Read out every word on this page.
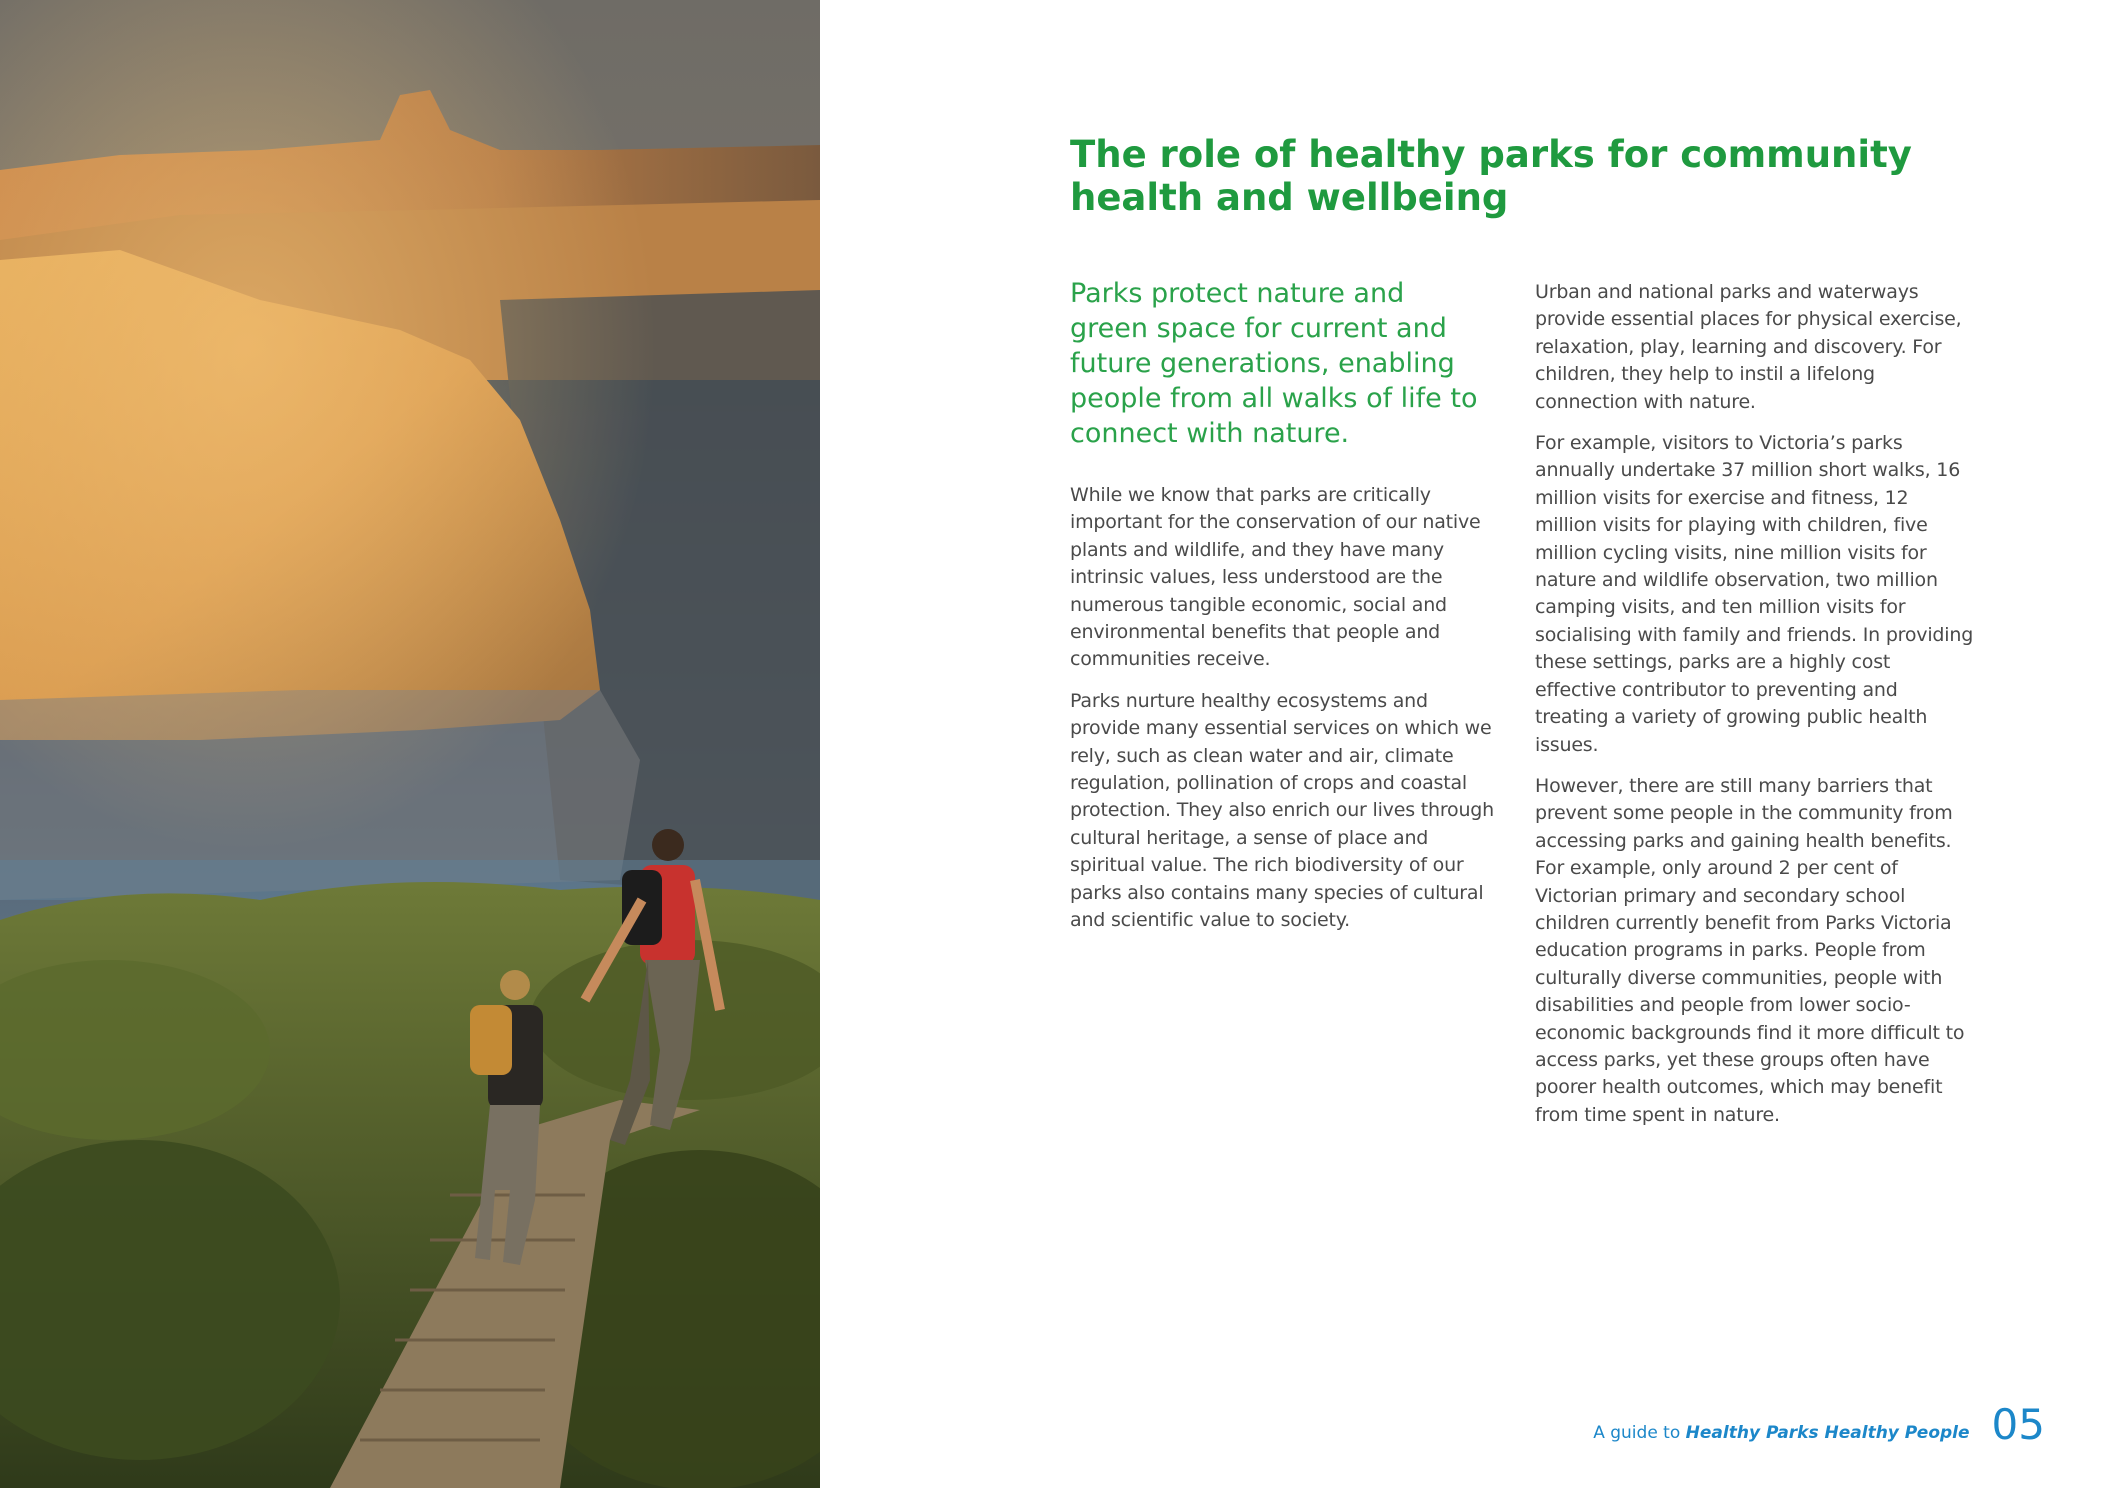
The role of healthy parks for community health and wellbeing
Parks protect nature and green space for current and future generations, enabling people from all walks of life to connect with nature.

While we know that parks are critically important for the conservation of our native plants and wildlife, and they have many intrinsic values, less understood are the numerous tangible economic, social and environmental benefits that people and communities receive.

Parks nurture healthy ecosystems and provide many essential services on which we rely, such as clean water and air, climate regulation, pollination of crops and coastal protection. They also enrich our lives through cultural heritage, a sense of place and spiritual value. The rich biodiversity of our parks also contains many species of cultural and scientific value to society.

Urban and national parks and waterways provide essential places for physical exercise, relaxation, play, learning and discovery. For children, they help to instil a lifelong connection with nature.

For example, visitors to Victoria’s parks annually undertake 37 million short walks, 16 million visits for exercise and fitness, 12 million visits for playing with children, five million cycling visits, nine million visits for nature and wildlife observation, two million camping visits, and ten million visits for socialising with family and friends. In providing these settings, parks are a highly cost effective contributor to preventing and treating a variety of growing public health issues.

However, there are still many barriers that prevent some people in the community from accessing parks and gaining health benefits. For example, only around 2 per cent of Victorian primary and secondary school children currently benefit from Parks Victoria education programs in parks. People from culturally diverse communities, people with disabilities and people from lower socio-economic backgrounds find it more difficult to access parks, yet these groups often have poorer health outcomes, which may benefit from time spent in nature.

A guide to Healthy Parks Healthy People 05
